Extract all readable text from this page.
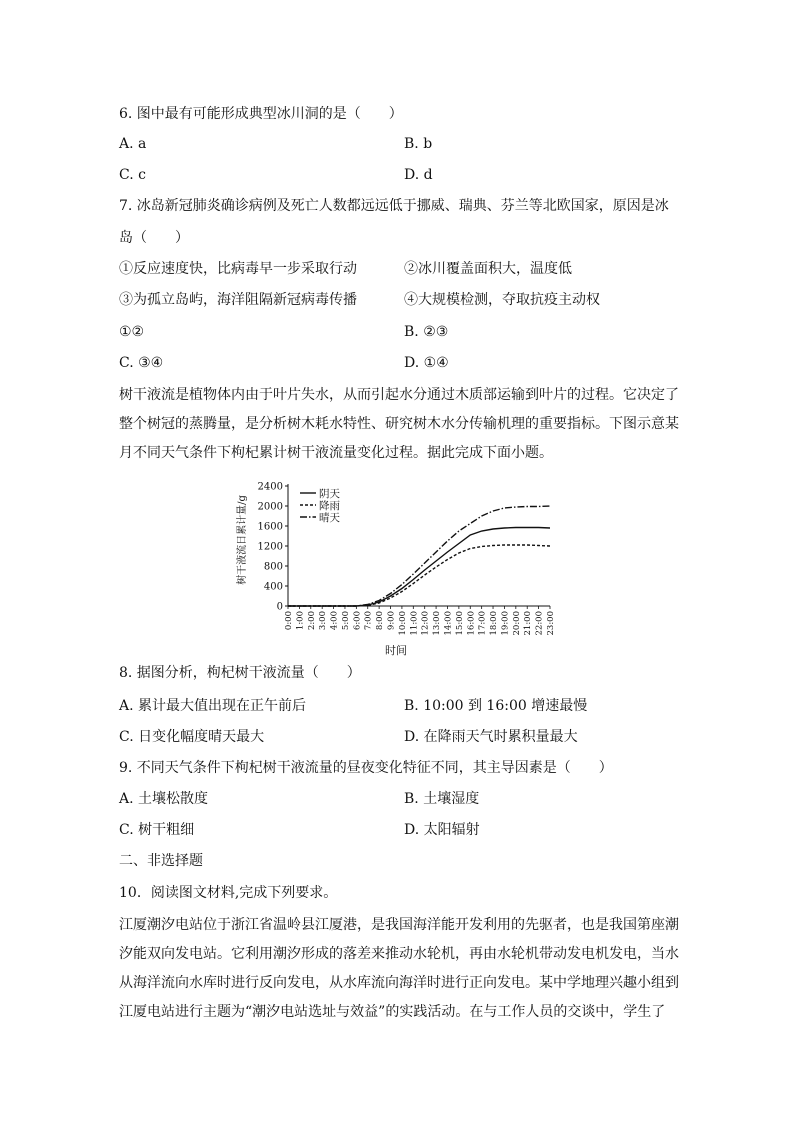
6. 图中最有可能形成典型冰川洞的是（　　）
A. a	B. b
C. c	D. d
7. 冰岛新冠肺炎确诊病例及死亡人数都远远低于挪威、瑞典、芬兰等北欧国家，原因是冰
岛（　　）
①反应速度快，比病毒早一步采取行动	②冰川覆盖面积大，温度低
③为孤立岛屿，海洋阻隔新冠病毒传播	④大规模检测，夺取抗疫主动权
①②	B. ②③
C. ③④	D. ①④
树干液流是植物体内由于叶片失水，从而引起水分通过木质部运输到叶片的过程。它决定了
整个树冠的蒸腾量，是分析树木耗水特性、研究树木水分传输机理的重要指标。下图示意某
月不同天气条件下枸杞累计树干液流量变化过程。据此完成下面小题。
树干液流日累计量/g
时间
0
400
800
1200
1600
2000
2400
0:00 1:00 2:00 3:00 4:00 5:00 6:00 7:00 8:00 9:00 10:00 11:00 12:00 13:00 14:00 15:00 16:00 17:00 18:00 19:00 20:00 21:00 22:00 23:00
阴天
降雨
晴天
8. 据图分析，枸杞树干液流量（　　）
A. 累计最大值出现在正午前后	B. 10:00 到 16:00 增速最慢
C. 日变化幅度晴天最大	D. 在降雨天气时累积量最大
9. 不同天气条件下枸杞树干液流量的昼夜变化特征不同，其主导因素是（　　）
A. 土壤松散度	B. 土壤湿度
C. 树干粗细	D. 太阳辐射
二、非选择题
10．阅读图文材料,完成下列要求。
江厦潮汐电站位于浙江省温岭县江厦港，是我国海洋能开发利用的先驱者，也是我国第座潮
汐能双向发电站。它利用潮汐形成的落差来推动水轮机，再由水轮机带动发电机发电，当水
从海洋流向水库时进行反向发电，从水库流向海洋时进行正向发电。某中学地理兴趣小组到
江厦电站进行主题为“潮汐电站选址与效益”的实践活动。在与工作人员的交谈中，学生了
